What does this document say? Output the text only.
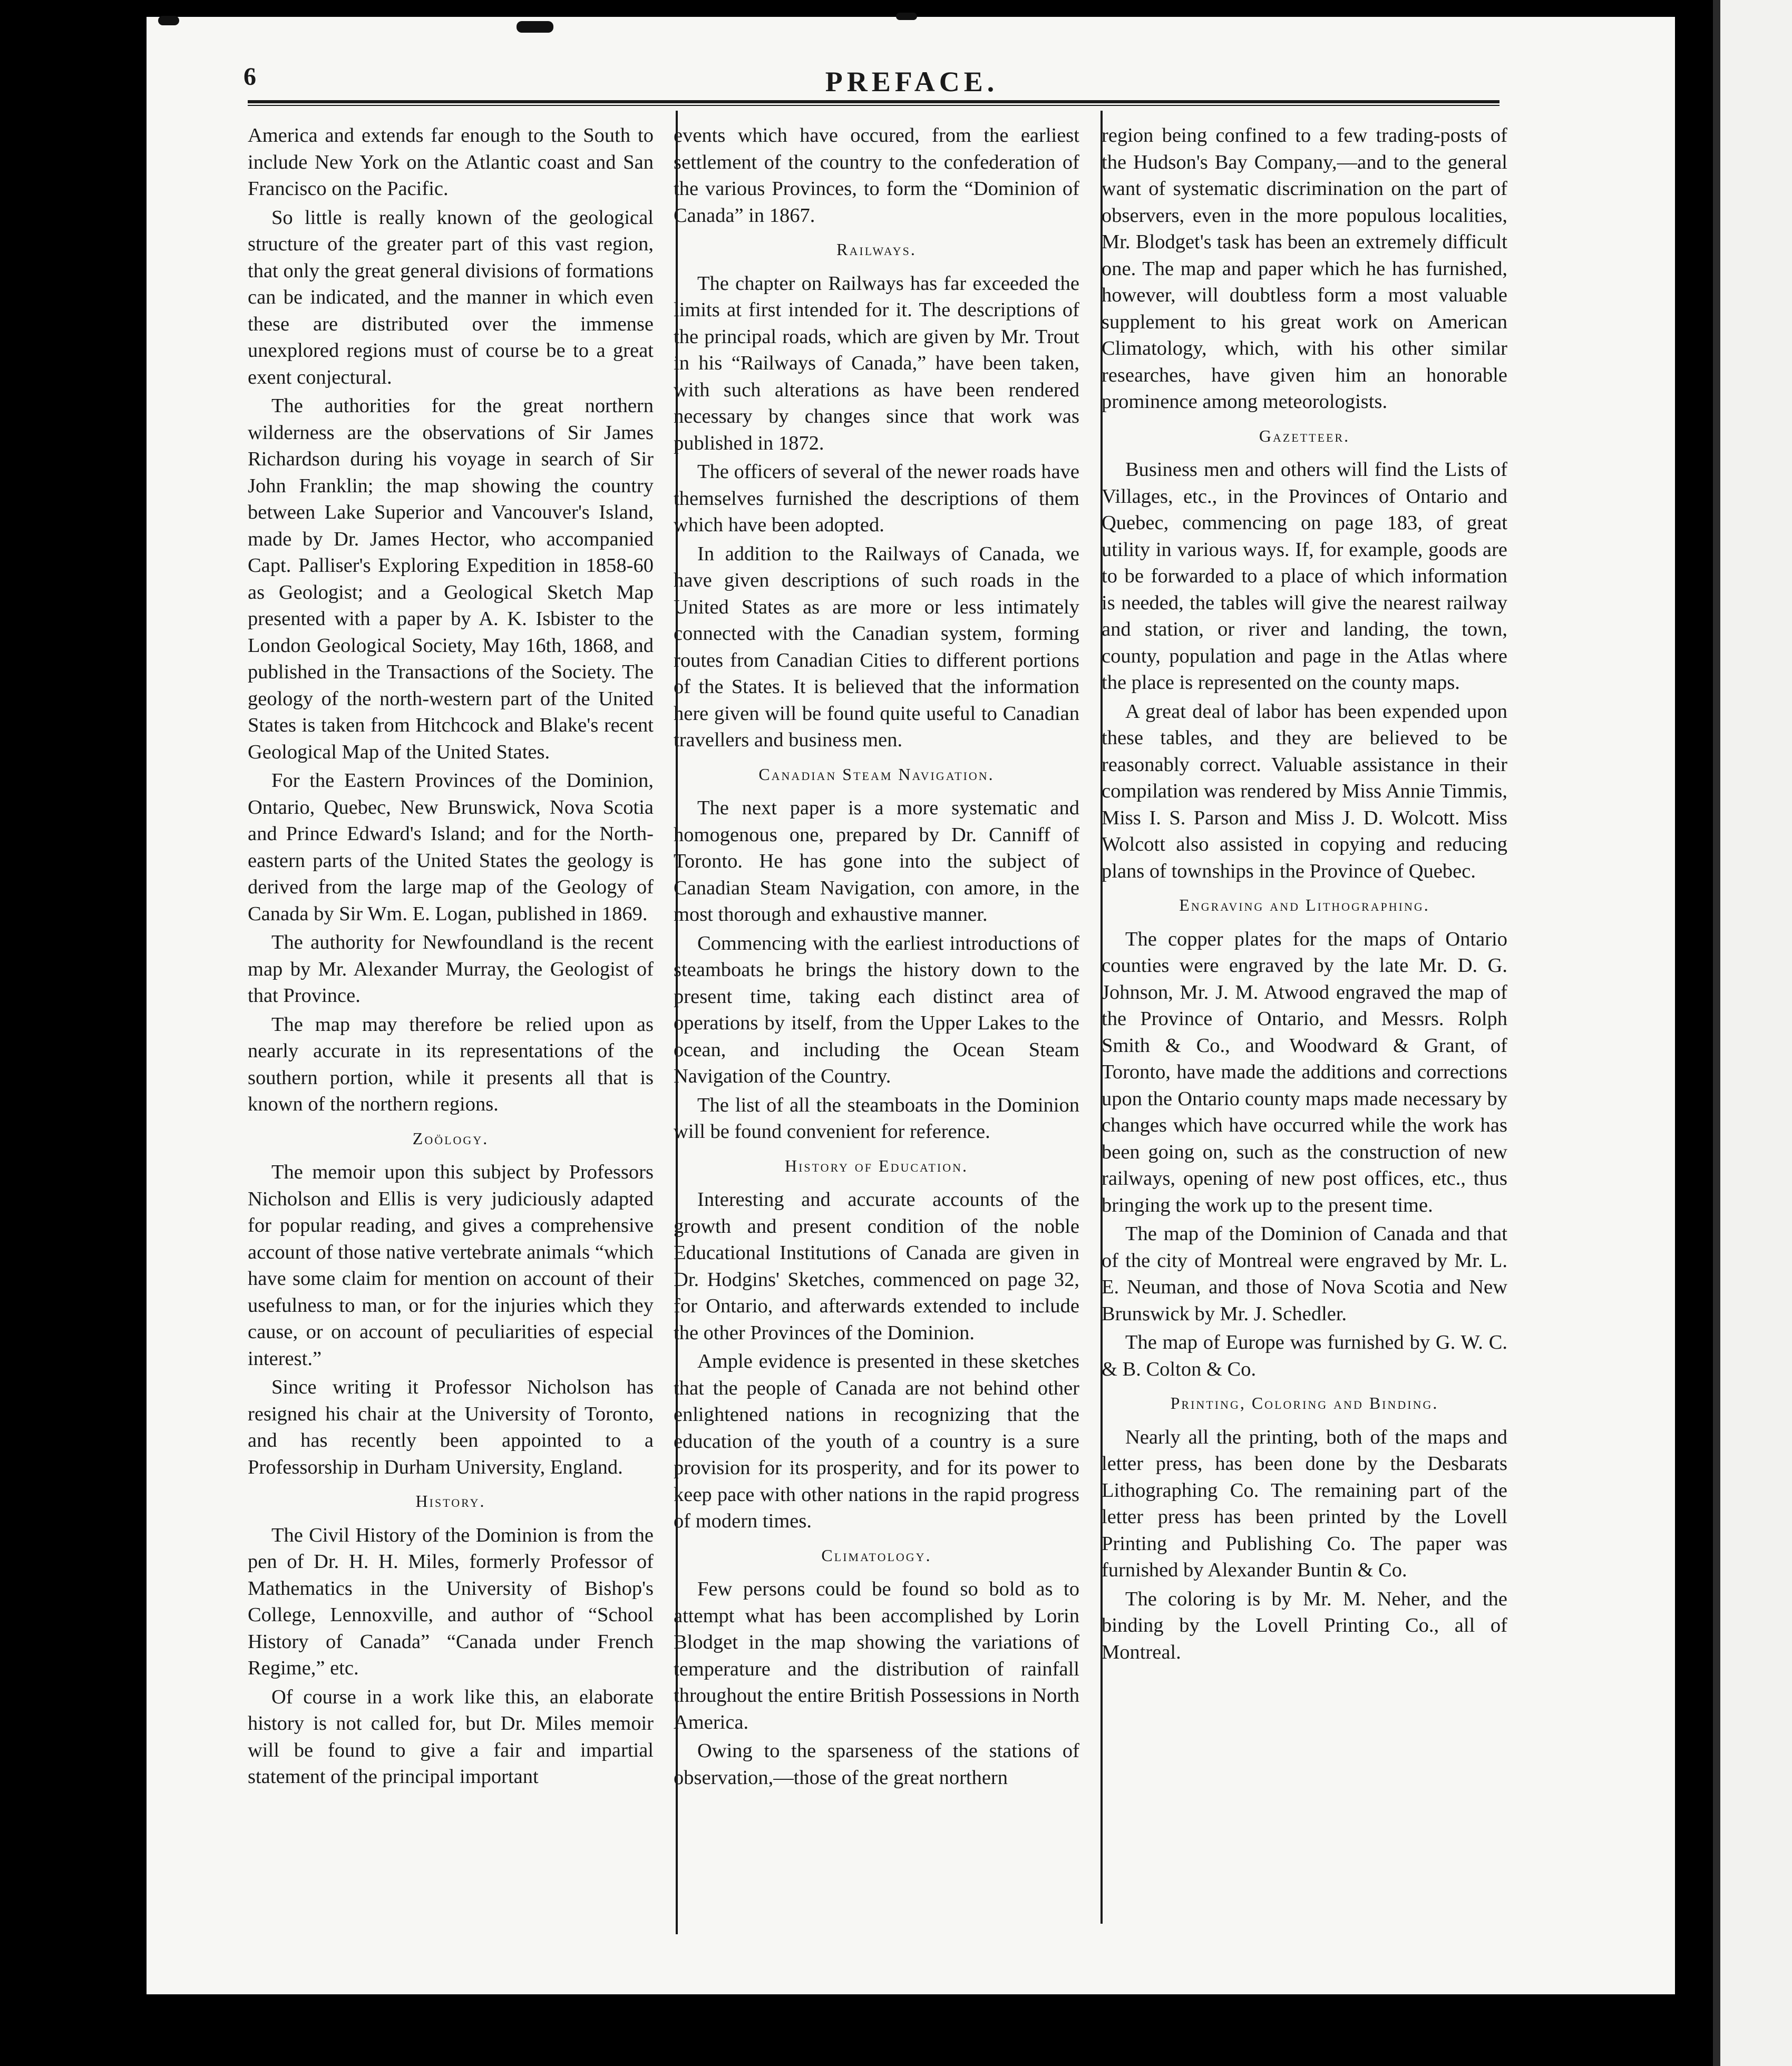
6	PREFACE.

America and extends far enough to the South to include New York on the Atlantic coast and San Francisco on the Pacific.

So little is really known of the geological structure of the greater part of this vast region, that only the great general divisions of formations can be indicated, and the manner in which even these are distributed over the immense unexplored regions must of course be to a great exent conjectural.

The authorities for the great northern wilderness are the observations of Sir James Richardson during his voyage in search of Sir John Franklin; the map showing the country between Lake Superior and Vancouver's Island, made by Dr. James Hector, who accompanied Capt. Palliser's Exploring Expedition in 1858-60 as Geologist; and a Geological Sketch Map presented with a paper by A. K. Isbister to the London Geological Society, May 16th, 1868, and published in the Transactions of the Society. The geology of the north-western part of the United States is taken from Hitchcock and Blake's recent Geological Map of the United States.

For the Eastern Provinces of the Dominion, Ontario, Quebec, New Brunswick, Nova Scotia and Prince Edward's Island; and for the North-eastern parts of the United States the geology is derived from the large map of the Geology of Canada by Sir Wm. E. Logan, published in 1869.

The authority for Newfoundland is the recent map by Mr. Alexander Murray, the Geologist of that Province.

The map may therefore be relied upon as nearly accurate in its representations of the southern portion, while it presents all that is known of the northern regions.

Zoölogy.

The memoir upon this subject by Professors Nicholson and Ellis is very judiciously adapted for popular reading, and gives a comprehensive account of those native vertebrate animals “which have some claim for mention on account of their usefulness to man, or for the injuries which they cause, or on account of peculiarities of especial interest.”

Since writing it Professor Nicholson has resigned his chair at the University of Toronto, and has recently been appointed to a Professorship in Durham University, England.

History.

The Civil History of the Dominion is from the pen of Dr. H. H. Miles, formerly Professor of Mathematics in the University of Bishop's College, Lennoxville, and author of “School History of Canada” “Canada under French Regime,” etc.

Of course in a work like this, an elaborate history is not called for, but Dr. Miles memoir will be found to give a fair and impartial statement of the principal important

events which have occured, from the earliest settlement of the country to the confederation of the various Provinces, to form the “Dominion of Canada” in 1867.

Railways.

The chapter on Railways has far exceeded the limits at first intended for it. The descriptions of the principal roads, which are given by Mr. Trout in his “Railways of Canada,” have been taken, with such alterations as have been rendered necessary by changes since that work was published in 1872.

The officers of several of the newer roads have themselves furnished the descriptions of them which have been adopted.

In addition to the Railways of Canada, we have given descriptions of such roads in the United States as are more or less intimately connected with the Canadian system, forming routes from Canadian Cities to different portions of the States. It is believed that the information here given will be found quite useful to Canadian travellers and business men.

Canadian Steam Navigation.

The next paper is a more systematic and homogenous one, prepared by Dr. Canniff of Toronto. He has gone into the subject of Canadian Steam Navigation, con amore, in the most thorough and exhaustive manner.

Commencing with the earliest introductions of steamboats he brings the history down to the present time, taking each distinct area of operations by itself, from the Upper Lakes to the ocean, and including the Ocean Steam Navigation of the Country.

The list of all the steamboats in the Dominion will be found convenient for reference.

History of Education.

Interesting and accurate accounts of the growth and present condition of the noble Educational Institutions of Canada are given in Dr. Hodgins' Sketches, commenced on page 32, for Ontario, and afterwards extended to include the other Provinces of the Dominion.

Ample evidence is presented in these sketches that the people of Canada are not behind other enlightened nations in recognizing that the education of the youth of a country is a sure provision for its prosperity, and for its power to keep pace with other nations in the rapid progress of modern times.

Climatology.

Few persons could be found so bold as to attempt what has been accomplished by Lorin Blodget in the map showing the variations of temperature and the distribution of rainfall throughout the entire British Possessions in North America.

Owing to the sparseness of the stations of observation,—those of the great northern

region being confined to a few trading-posts of the Hudson's Bay Company,—and to the general want of systematic discrimination on the part of observers, even in the more populous localities, Mr. Blodget's task has been an extremely difficult one. The map and paper which he has furnished, however, will doubtless form a most valuable supplement to his great work on American Climatology, which, with his other similar researches, have given him an honorable prominence among meteorologists.

Gazetteer.

Business men and others will find the Lists of Villages, etc., in the Provinces of Ontario and Quebec, commencing on page 183, of great utility in various ways. If, for example, goods are to be forwarded to a place of which information is needed, the tables will give the nearest railway and station, or river and landing, the town, county, population and page in the Atlas where the place is represented on the county maps.

A great deal of labor has been expended upon these tables, and they are believed to be reasonably correct. Valuable assistance in their compilation was rendered by Miss Annie Timmis, Miss I. S. Parson and Miss J. D. Wolcott. Miss Wolcott also assisted in copying and reducing plans of townships in the Province of Quebec.

Engraving and Lithographing.

The copper plates for the maps of Ontario counties were engraved by the late Mr. D. G. Johnson, Mr. J. M. Atwood engraved the map of the Province of Ontario, and Messrs. Rolph Smith & Co., and Woodward & Grant, of Toronto, have made the additions and corrections upon the Ontario county maps made necessary by changes which have occurred while the work has been going on, such as the construction of new railways, opening of new post offices, etc., thus bringing the work up to the present time.

The map of the Dominion of Canada and that of the city of Montreal were engraved by Mr. L. E. Neuman, and those of Nova Scotia and New Brunswick by Mr. J. Schedler.

The map of Europe was furnished by G. W. C. & B. Colton & Co.

Printing, Coloring and Binding.

Nearly all the printing, both of the maps and letter press, has been done by the Desbarats Lithographing Co. The remaining part of the letter press has been printed by the Lovell Printing and Publishing Co. The paper was furnished by Alexander Buntin & Co.

The coloring is by Mr. M. Neher, and the binding by the Lovell Printing Co., all of Montreal.
